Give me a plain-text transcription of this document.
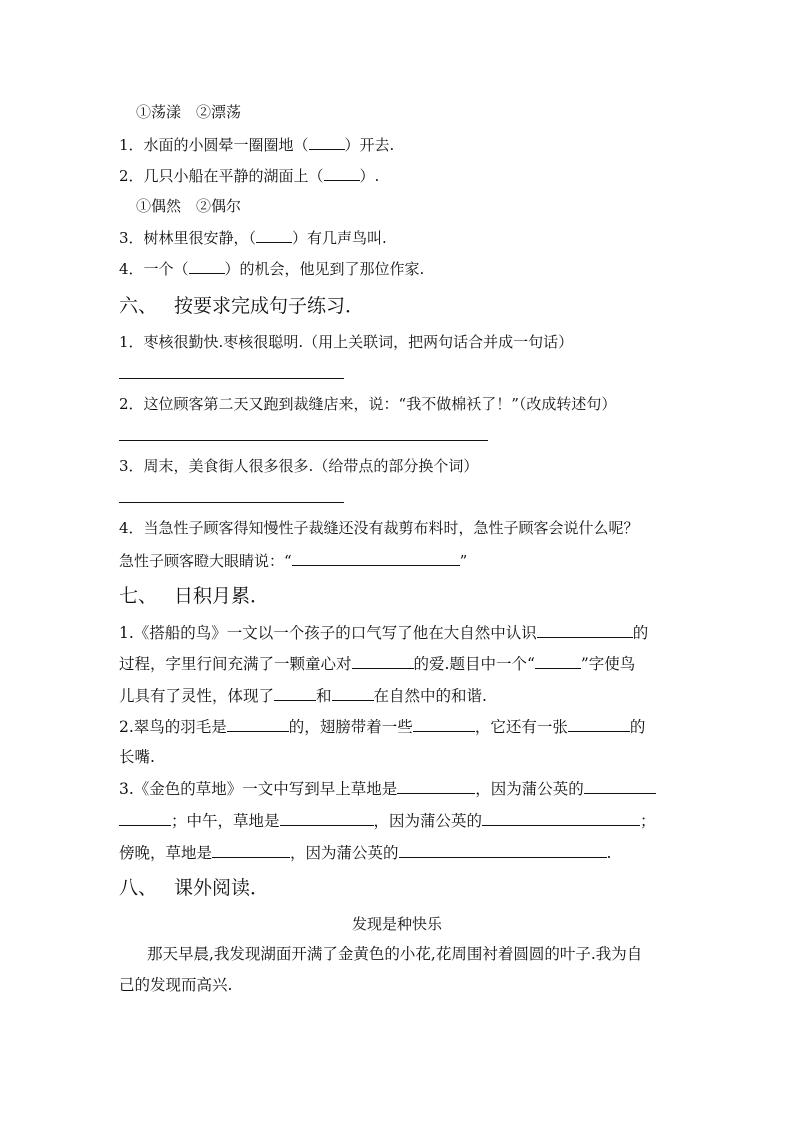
①荡漾　②漂荡
1．水面的小圆晕一圈圈地（ ）开去.
2．几只小船在平静的湖面上（ ）.
①偶然　②偶尔
3．树林里很安静，（ ）有几声鸟叫.
4．一个（ ）的机会，他见到了那位作家.
六、 按要求完成句子练习．
1．枣核很勤快.枣核很聪明.（用上关联词，把两句话合并成一句话）
2．这位顾客第二天又跑到裁缝店来，说：“我不做棉袄了！”（改成转述句）
3．周末，美食街人很多很多.（给带点的部分换个词）
4．当急性子顾客得知慢性子裁缝还没有裁剪布料时，急性子顾客会说什么呢？
急性子顾客瞪大眼睛说：“	”
七、 日积月累．
1.《搭船的鸟》一文以一个孩子的口气写了他在大自然中认识	的
过程，字里行间充满了一颗童心对	的爱.题目中一个“	”字使鸟
儿具有了灵性，体现了	和	在自然中的和谐.
2.翠鸟的羽毛是	的，翅膀带着一些	，它还有一张	的
长嘴.
3.《金色的草地》一文中写到早上草地是	，因为蒲公英的
；中午，草地是	，因为蒲公英的	；
傍晚，草地是	，因为蒲公英的	.
八、 课外阅读．
发现是种快乐
那天早晨,我发现湖面开满了金黄色的小花,花周围衬着圆圆的叶子.我为自
己的发现而高兴.
